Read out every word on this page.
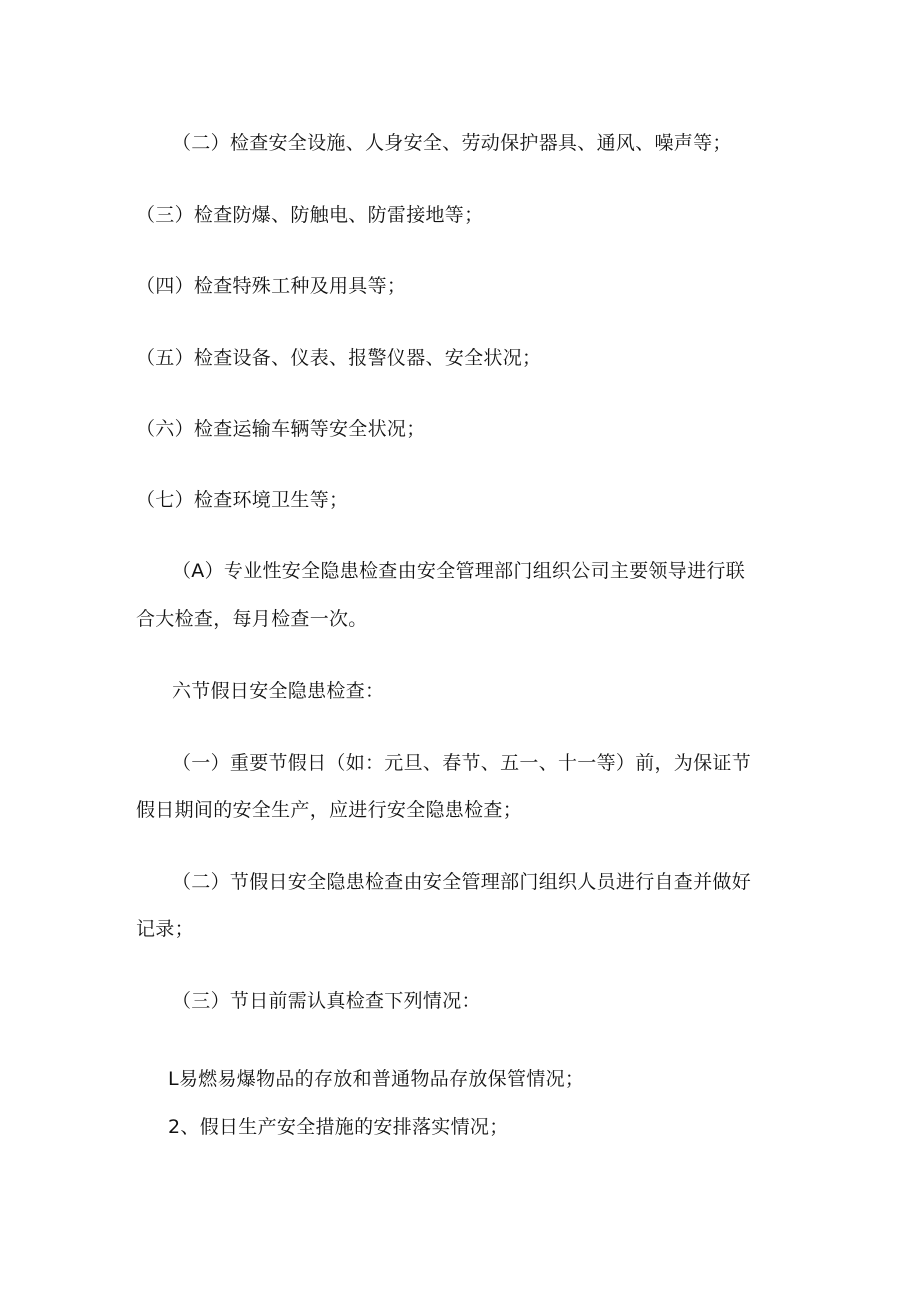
（二）检查安全设施、人身安全、劳动保护器具、通风、噪声等；
（三）检查防爆、防触电、防雷接地等；
（四）检查特殊工种及用具等；
（五）检查设备、仪表、报警仪器、安全状况；
（六）检查运输车辆等安全状况；
（七）检查环境卫生等；
（A）专业性安全隐患检查由安全管理部门组织公司主要领导进行联
合大检查，每月检查一次。
六节假日安全隐患检查：
（一）重要节假日（如：元旦、春节、五一、十一等）前，为保证节
假日期间的安全生产，应进行安全隐患检查；
（二）节假日安全隐患检查由安全管理部门组织人员进行自查并做好
记录；
（三）节日前需认真检查下列情况：
L易燃易爆物品的存放和普通物品存放保管情况；
2、假日生产安全措施的安排落实情况；
